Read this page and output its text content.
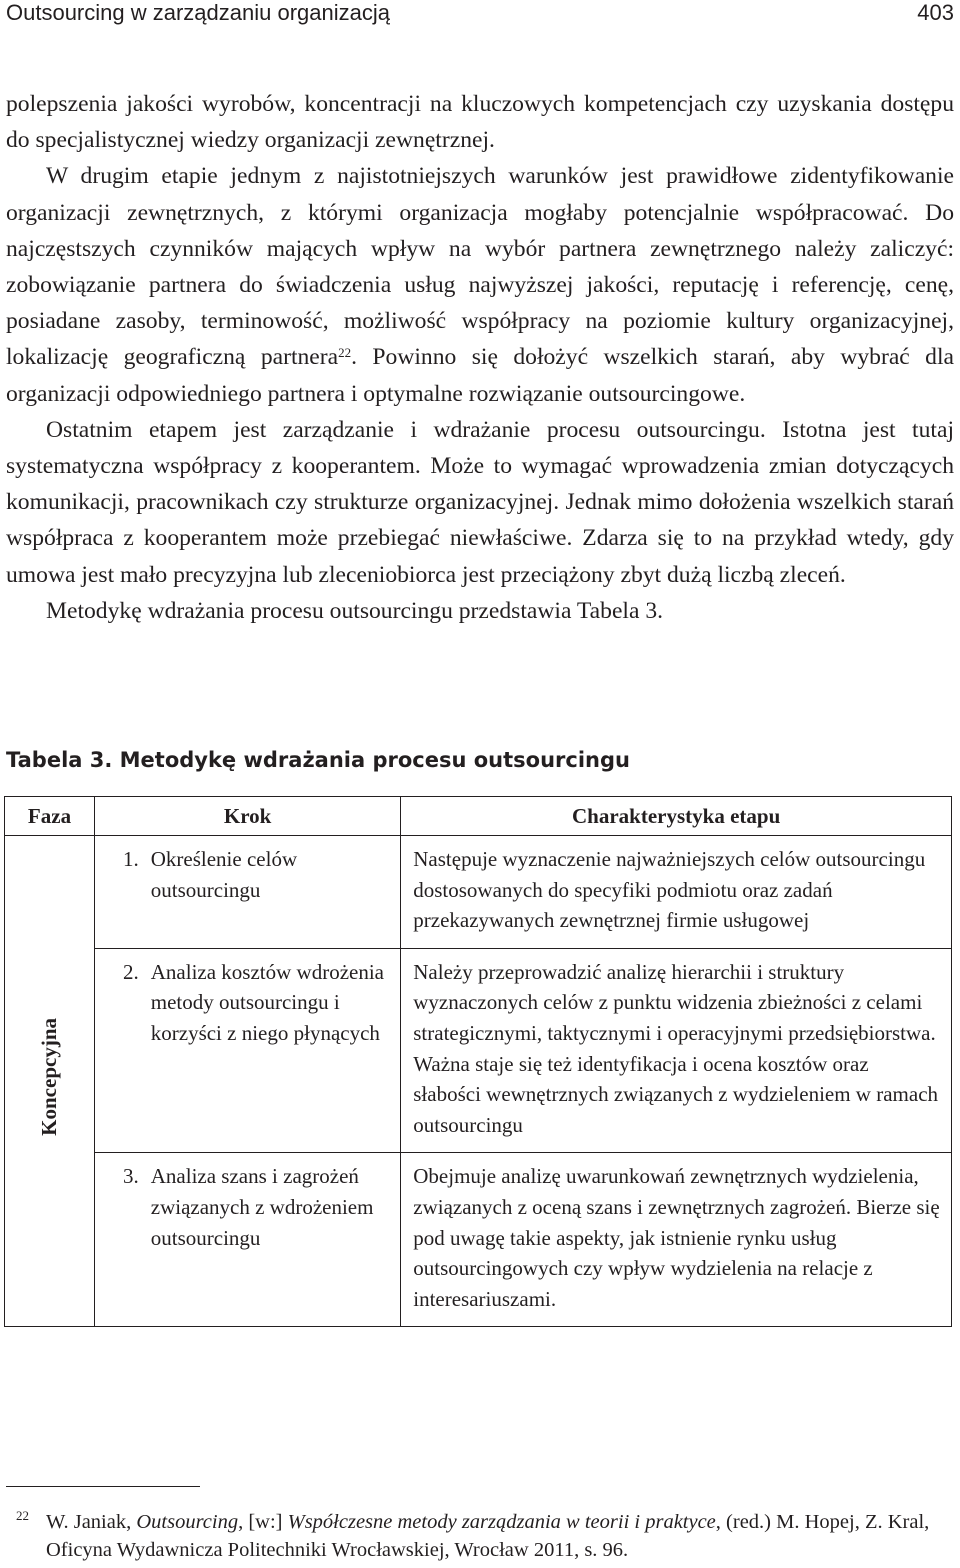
Outsourcing w zarządzaniu organizacją	403

polepszenia jakości wyrobów, koncentracji na kluczowych kompetencjach czy uzyskania dostępu do specjalistycznej wiedzy organizacji zewnętrznej.

W drugim etapie jednym z najistotniejszych warunków jest prawidłowe zidentyfikowanie organizacji zewnętrznych, z którymi organizacja mogłaby potencjalnie współpracować. Do najczęstszych czynników mających wpływ na wybór partnera zewnętrznego należy zaliczyć: zobowiązanie partnera do świadczenia usług najwyższej jakości, reputację i referencję, cenę, posiadane zasoby, terminowość, możliwość współpracy na poziomie kultury organizacyjnej, lokalizację geograficzną partnera$^{22}$. Powinno się dołożyć wszelkich starań, aby wybrać dla organizacji odpowiedniego partnera i optymalne rozwiązanie outsourcingowe.

Ostatnim etapem jest zarządzanie i wdrażanie procesu outsourcingu. Istotna jest tutaj systematyczna współpracy z kooperantem. Może to wymagać wprowadzenia zmian dotyczących komunikacji, pracownikach czy strukturze organizacyjnej. Jednak mimo dołożenia wszelkich starań współpraca z kooperantem może przebiegać niewłaściwe. Zdarza się to na przykład wtedy, gdy umowa jest mało precyzyjna lub zleceniobiorca jest przeciążony zbyt dużą liczbą zleceń.

Metodykę wdrażania procesu outsourcingu przedstawia Tabela 3.

Tabela 3. Metodykę wdrażania procesu outsourcingu
Faza	Krok		Charakterystyka etapu
Koncepcyjna	1.	Określenie celów outsourcingu	Następuje wyznaczenie najważniejszych celów outsourcingu dostosowanych do specyfiki podmiotu oraz zadań przekazywanych zewnętrznej firmie usługowej
	2.	Analiza kosztów wdrożenia metody outsourcingu i korzyści z niego płynących	Należy przeprowadzić analizę hierarchii i struktury wyznaczonych celów z punktu widzenia zbieżności z celami strategicznymi, taktycznymi i operacyjnymi przedsiębiorstwa. Ważna staje się też identyfikacja i ocena kosztów oraz słabości wewnętrznych związanych z wydzieleniem w ramach outsourcingu
	3.	Analiza szans i zagrożeń związanych z wdrożeniem outsourcingu	Obejmuje analizę uwarunkowań zewnętrznych wydzielenia, związanych z oceną szans i zewnętrznych zagrożeń. Bierze się pod uwagę takie aspekty, jak istnienie rynku usług outsourcingowych czy wpływ wydzielenia na relacje z interesariuszami.
22 W. Janiak, Outsourcing, [w:] Współczesne metody zarządzania w teorii i praktyce, (red.) M. Hopej, Z. Kral, Oficyna Wydawnicza Politechniki Wrocławskiej, Wrocław 2011, s. 96.
